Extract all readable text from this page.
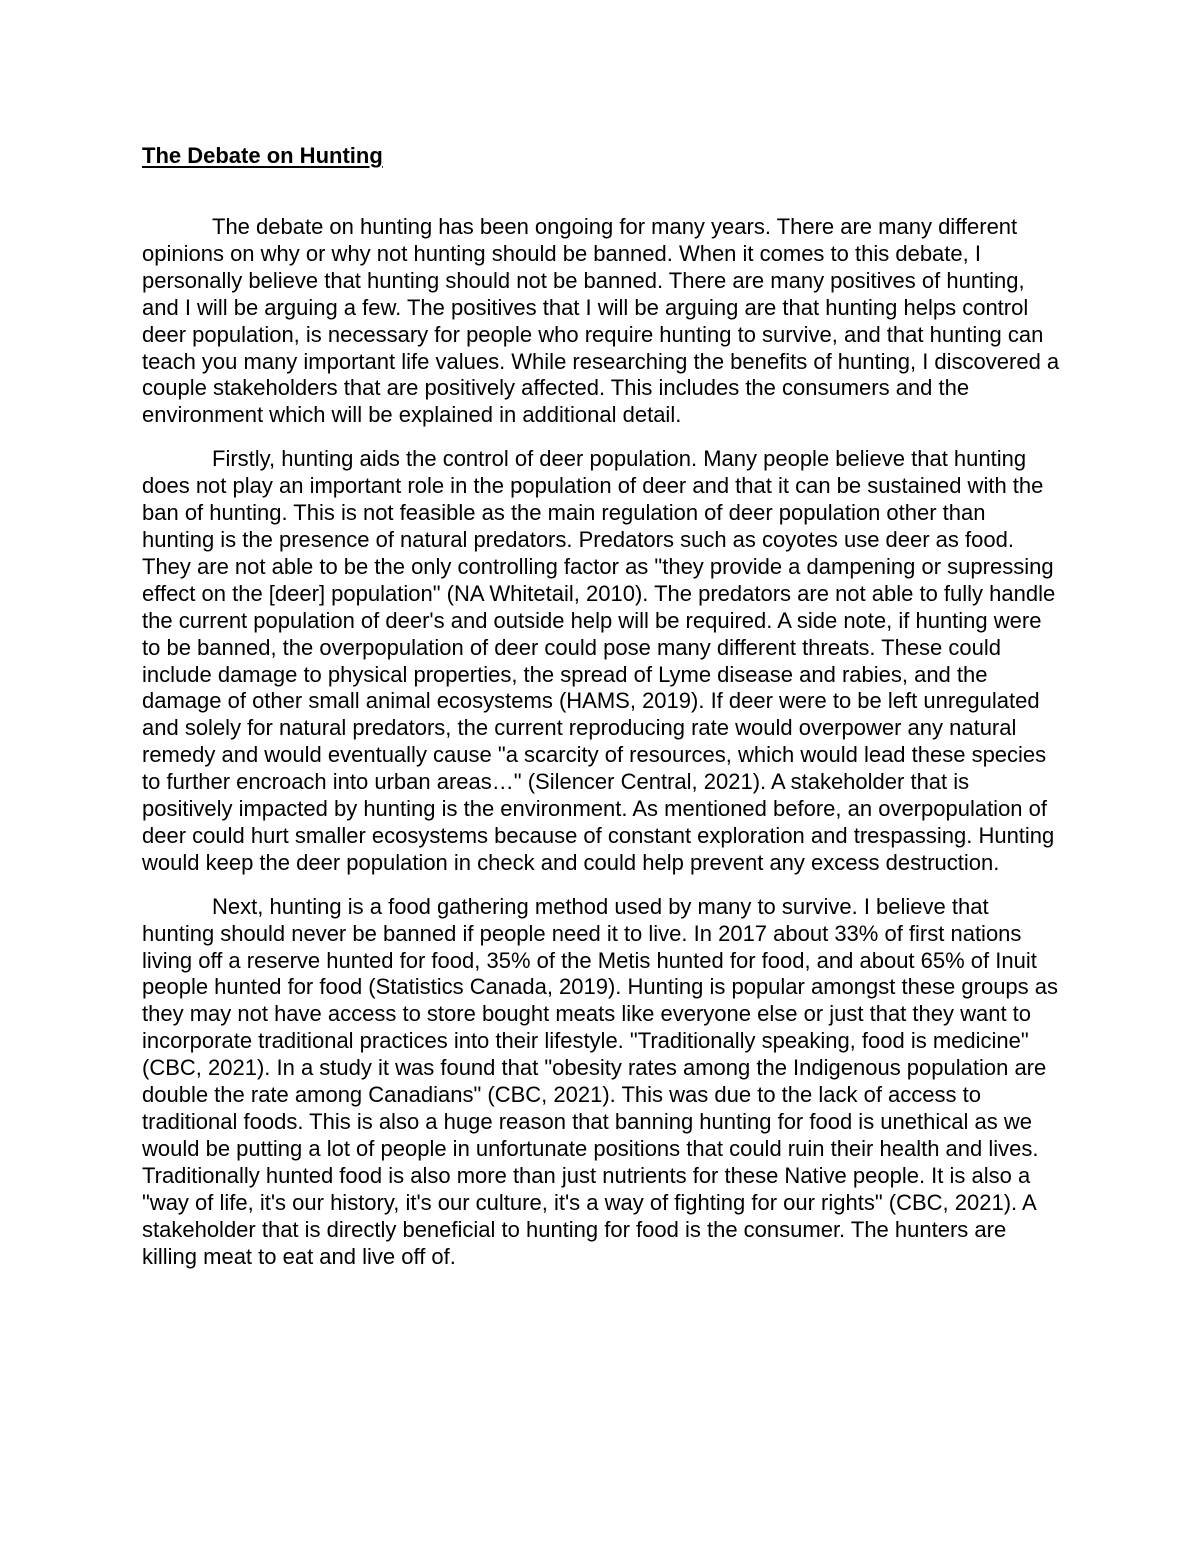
The Debate on Hunting

The debate on hunting has been ongoing for many years. There are many different opinions on why or why not hunting should be banned. When it comes to this debate, I personally believe that hunting should not be banned. There are many positives of hunting, and I will be arguing a few. The positives that I will be arguing are that hunting helps control deer population, is necessary for people who require hunting to survive, and that hunting can teach you many important life values. While researching the benefits of hunting, I discovered a couple stakeholders that are positively affected. This includes the consumers and the environment which will be explained in additional detail.

Firstly, hunting aids the control of deer population. Many people believe that hunting does not play an important role in the population of deer and that it can be sustained with the ban of hunting. This is not feasible as the main regulation of deer population other than hunting is the presence of natural predators. Predators such as coyotes use deer as food. They are not able to be the only controlling factor as "they provide a dampening or supressing effect on the [deer] population" (NA Whitetail, 2010). The predators are not able to fully handle the current population of deer's and outside help will be required. A side note, if hunting were to be banned, the overpopulation of deer could pose many different threats. These could include damage to physical properties, the spread of Lyme disease and rabies, and the damage of other small animal ecosystems (HAMS, 2019). If deer were to be left unregulated and solely for natural predators, the current reproducing rate would overpower any natural remedy and would eventually cause "a scarcity of resources, which would lead these species to further encroach into urban areas…" (Silencer Central, 2021). A stakeholder that is positively impacted by hunting is the environment. As mentioned before, an overpopulation of deer could hurt smaller ecosystems because of constant exploration and trespassing. Hunting would keep the deer population in check and could help prevent any excess destruction.

Next, hunting is a food gathering method used by many to survive. I believe that hunting should never be banned if people need it to live. In 2017 about 33% of first nations living off a reserve hunted for food, 35% of the Metis hunted for food, and about 65% of Inuit people hunted for food (Statistics Canada, 2019). Hunting is popular amongst these groups as they may not have access to store bought meats like everyone else or just that they want to incorporate traditional practices into their lifestyle. "Traditionally speaking, food is medicine" (CBC, 2021). In a study it was found that "obesity rates among the Indigenous population are double the rate among Canadians" (CBC, 2021). This was due to the lack of access to traditional foods. This is also a huge reason that banning hunting for food is unethical as we would be putting a lot of people in unfortunate positions that could ruin their health and lives. Traditionally hunted food is also more than just nutrients for these Native people. It is also a "way of life, it's our history, it's our culture, it's a way of fighting for our rights" (CBC, 2021). A stakeholder that is directly beneficial to hunting for food is the consumer. The hunters are killing meat to eat and live off of.
